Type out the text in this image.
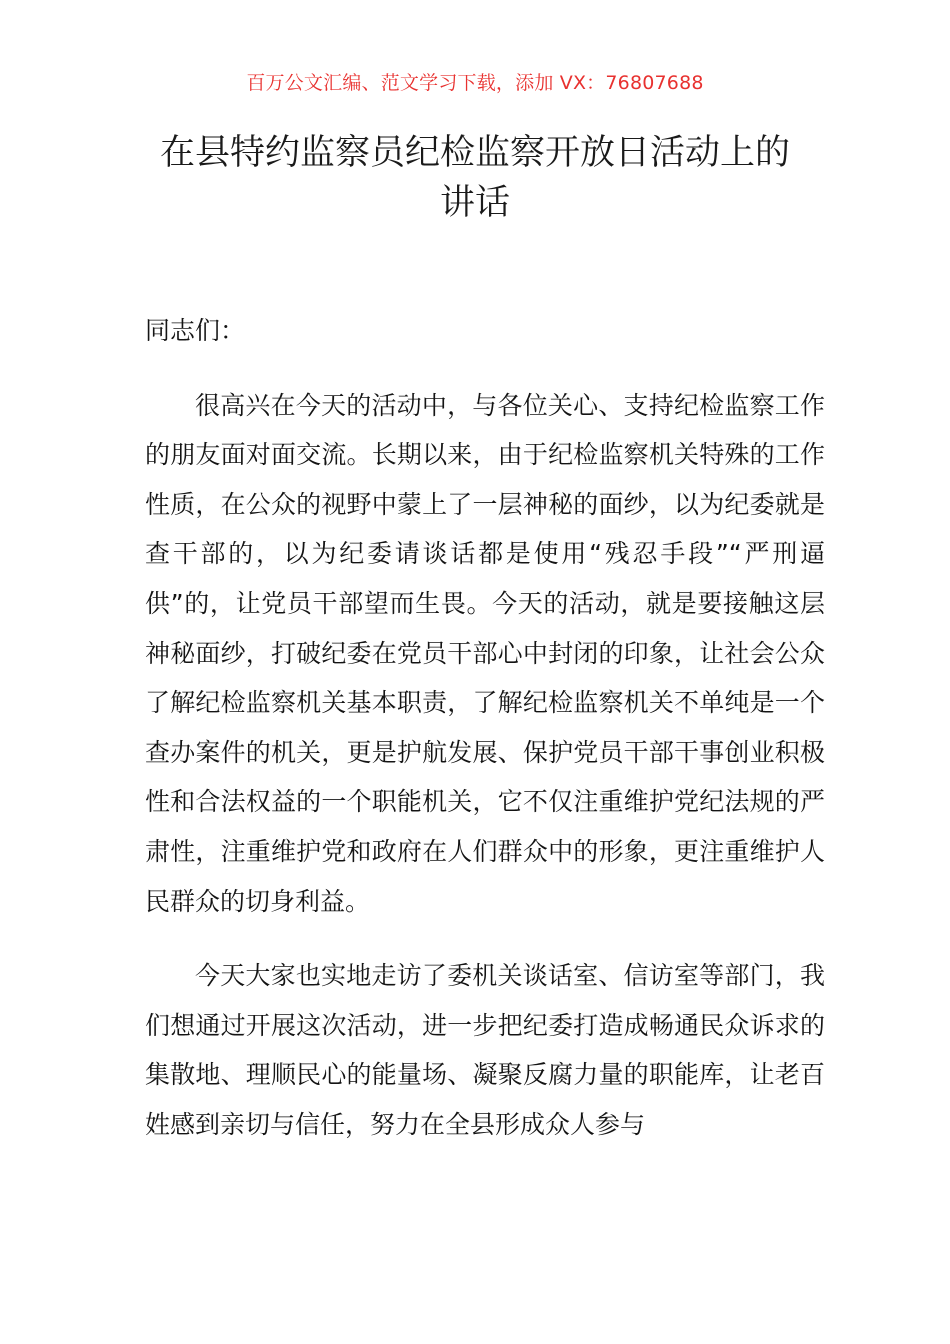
百万公文汇编、范文学习下载，添加 VX：76807688
在县特约监察员纪检监察开放日活动上的
讲话

同志们：

很高兴在今天的活动中，与各位关心、支持纪检监察工作的朋友面对面交流。长期以来，由于纪检监察机关特殊的工作性质，在公众的视野中蒙上了一层神秘的面纱，以为纪委就是查干部的，以为纪委请谈话都是使用“残忍手段”“严刑逼供”的，让党员干部望而生畏。今天的活动，就是要接触这层神秘面纱，打破纪委在党员干部心中封闭的印象，让社会公众了解纪检监察机关基本职责，了解纪检监察机关不单纯是一个查办案件的机关，更是护航发展、保护党员干部干事创业积极性和合法权益的一个职能机关，它不仅注重维护党纪法规的严肃性，注重维护党和政府在人们群众中的形象，更注重维护人民群众的切身利益。

今天大家也实地走访了委机关谈话室、信访室等部门，我们想通过开展这次活动，进一步把纪委打造成畅通民众诉求的集散地、理顺民心的能量场、凝聚反腐力量的职能库，让老百姓感到亲切与信任，努力在全县形成众人参与
